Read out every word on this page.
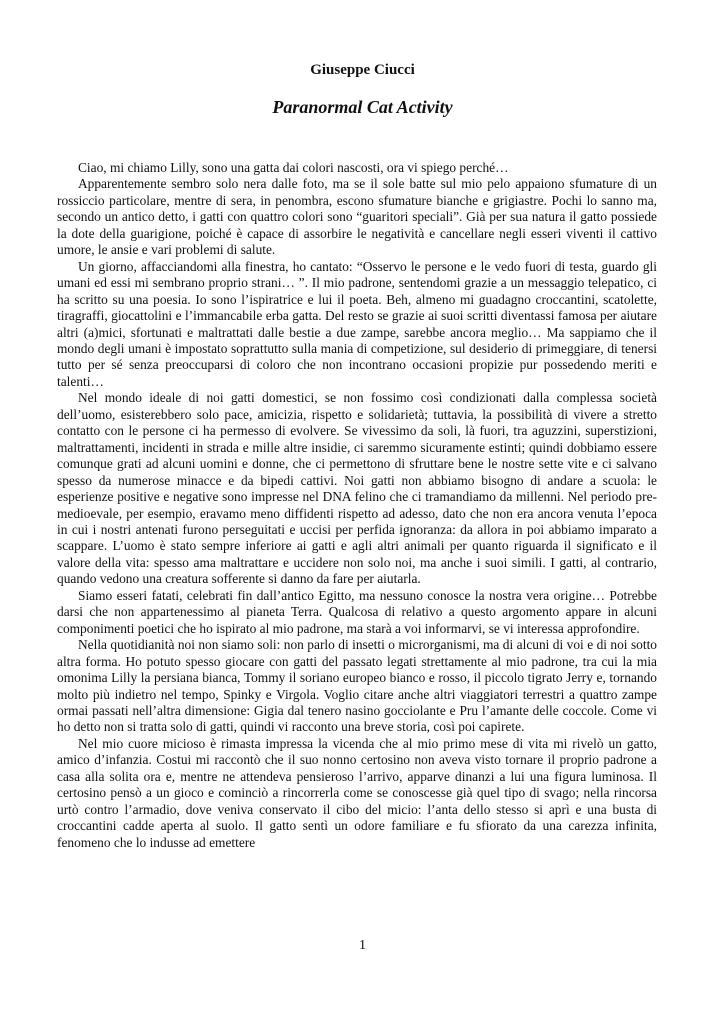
Giuseppe Ciucci
Paranormal Cat Activity

Ciao, mi chiamo Lilly, sono una gatta dai colori nascosti, ora vi spiego perché…

Apparentemente sembro solo nera dalle foto, ma se il sole batte sul mio pelo appaiono sfumature di un rossiccio particolare, mentre di sera, in penombra, escono sfumature bianche e grigiastre. Pochi lo sanno ma, secondo un antico detto, i gatti con quattro colori sono “guaritori speciali”. Già per sua natura il gatto possiede la dote della guarigione, poiché è capace di assorbire le negatività e cancellare negli esseri viventi il cattivo umore, le ansie e vari problemi di salute.

Un giorno, affacciandomi alla finestra, ho cantato: “Osservo le persone e le vedo fuori di testa, guardo gli umani ed essi mi sembrano proprio strani… ”. Il mio padrone, sentendomi grazie a un messaggio telepatico, ci ha scritto su una poesia. Io sono l’ispiratrice e lui il poeta. Beh, almeno mi guadagno croccantini, scatolette, tiragraffi, giocattolini e l’immancabile erba gatta. Del resto se grazie ai suoi scritti diventassi famosa per aiutare altri (a)mici, sfortunati e maltrattati dalle bestie a due zampe, sarebbe ancora meglio… Ma sappiamo che il mondo degli umani è impostato soprattutto sulla mania di competizione, sul desiderio di primeggiare, di tenersi tutto per sé senza preoccuparsi di coloro che non incontrano occasioni propizie pur possedendo meriti e talenti…

Nel mondo ideale di noi gatti domestici, se non fossimo così condizionati dalla complessa società dell’uomo, esisterebbero solo pace, amicizia, rispetto e solidarietà; tuttavia, la possibilità di vivere a stretto contatto con le persone ci ha permesso di evolvere. Se vivessimo da soli, là fuori, tra aguzzini, superstizioni, maltrattamenti, incidenti in strada e mille altre insidie, ci saremmo sicuramente estinti; quindi dobbiamo essere comunque grati ad alcuni uomini e donne, che ci permettono di sfruttare bene le nostre sette vite e ci salvano spesso da numerose minacce e da bipedi cattivi. Noi gatti non abbiamo bisogno di andare a scuola: le esperienze positive e negative sono impresse nel DNA felino che ci tramandiamo da millenni. Nel periodo pre-medioevale, per esempio, eravamo meno diffidenti rispetto ad adesso, dato che non era ancora venuta l’epoca in cui i nostri antenati furono perseguitati e uccisi per perfida ignoranza: da allora in poi abbiamo imparato a scappare. L’uomo è stato sempre inferiore ai gatti e agli altri animali per quanto riguarda il significato e il valore della vita: spesso ama maltrattare e uccidere non solo noi, ma anche i suoi simili. I gatti, al contrario, quando vedono una creatura sofferente si danno da fare per aiutarla.

Siamo esseri fatati, celebrati fin dall’antico Egitto, ma nessuno conosce la nostra vera origine… Potrebbe darsi che non appartenessimo al pianeta Terra. Qualcosa di relativo a questo argomento appare in alcuni componimenti poetici che ho ispirato al mio padrone, ma starà a voi informarvi, se vi interessa approfondire.

Nella quotidianità noi non siamo soli: non parlo di insetti o microrganismi, ma di alcuni di voi e di noi sotto altra forma. Ho potuto spesso giocare con gatti del passato legati strettamente al mio padrone, tra cui la mia omonima Lilly la persiana bianca, Tommy il soriano europeo bianco e rosso, il piccolo tigrato Jerry e, tornando molto più indietro nel tempo, Spinky e Virgola. Voglio citare anche altri viaggiatori terrestri a quattro zampe ormai passati nell’altra dimensione: Gigia dal tenero nasino gocciolante e Pru l’amante delle coccole. Come vi ho detto non si tratta solo di gatti, quindi vi racconto una breve storia, così poi capirete.

Nel mio cuore micioso è rimasta impressa la vicenda che al mio primo mese di vita mi rivelò un gatto, amico d’infanzia. Costui mi raccontò che il suo nonno certosino non aveva visto tornare il proprio padrone a casa alla solita ora e, mentre ne attendeva pensieroso l’arrivo, apparve dinanzi a lui una figura luminosa. Il certosino pensò a un gioco e cominciò a rincorrerla come se conoscesse già quel tipo di svago; nella rincorsa urtò contro l’armadio, dove veniva conservato il cibo del micio: l’anta dello stesso si aprì e una busta di croccantini cadde aperta al suolo. Il gatto sentì un odore familiare e fu sfiorato da una carezza infinita, fenomeno che lo indusse ad emettere

1
